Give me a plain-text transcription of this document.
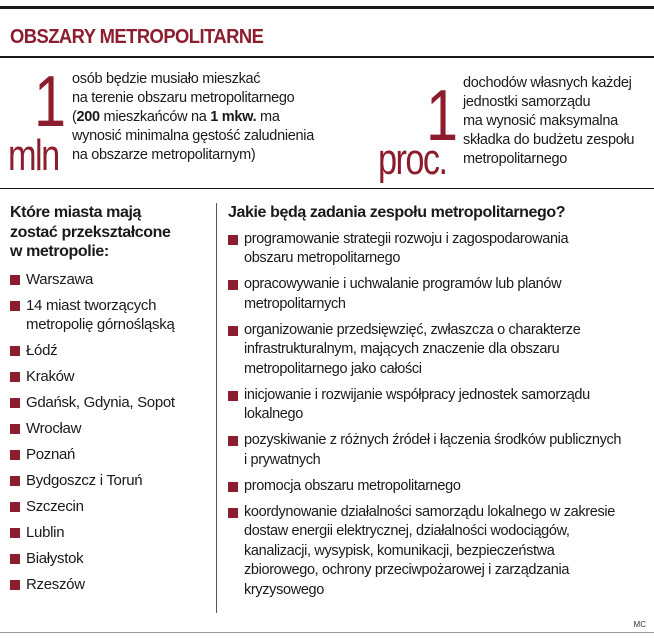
OBSZARY METROPOLITARNE
1
mln
osób będzie musiało mieszkać
na terenie obszaru metropolitarnego
(200 mieszkańców na 1 mkw. ma
wynosić minimalna gęstość zaludnienia
na obszarze metropolitarnym)	1
proc.
dochodów własnych każdej
jednostki samorządu
ma wynosić maksymalna
składka do budżetu zespołu
metropolitarnego
Które miasta mają
zostać przekształcone
w metropolie:
Warszawa
14 miast tworzących
metropolię górnośląską
Łódź
Kraków
Gdańsk, Gdynia, Sopot
Wrocław
Poznań
Bydgoszcz i Toruń
Szczecin
Lublin
Białystok
Rzeszów
Jakie będą zadania zespołu metropolitarnego?
programowanie strategii rozwoju i zagospodarowania
obszaru metropolitarnego
opracowywanie i uchwalanie programów lub planów
metropolitarnych
organizowanie przedsięwzięć, zwłaszcza o charakterze
infrastrukturalnym, mających znaczenie dla obszaru
metropolitarnego jako całości
inicjowanie i rozwijanie współpracy jednostek samorządu
lokalnego
pozyskiwanie z różnych źródeł i łączenia środków publicznych
i prywatnych
promocja obszaru metropolitarnego
koordynowanie działalności samorządu lokalnego w zakresie
dostaw energii elektrycznej, działalności wodociągów,
kanalizacji, wysypisk, komunikacji, bezpieczeństwa
zbiorowego, ochrony przeciwpożarowej i zarządzania
kryzysowego
MC
